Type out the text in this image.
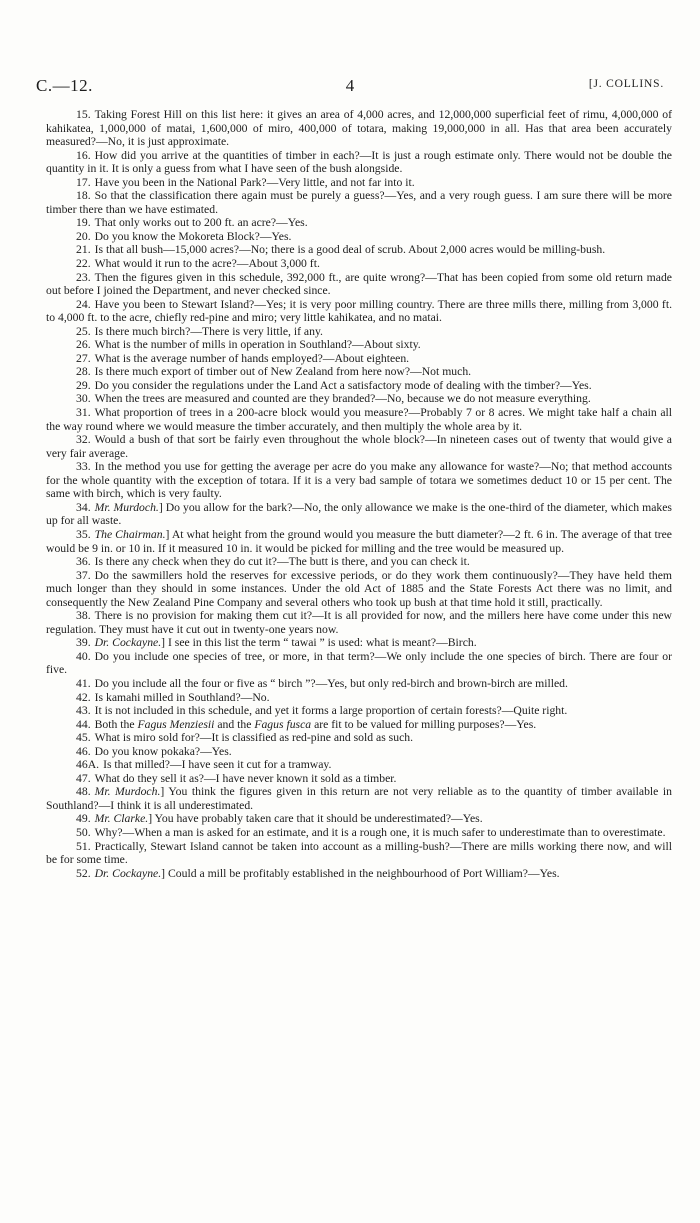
C.—12.	4	[J. COLLINS.

15. Taking Forest Hill on this list here: it gives an area of 4,000 acres, and 12,000,000 superficial feet of rimu, 4,000,000 of kahikatea, 1,000,000 of matai, 1,600,000 of miro, 400,000 of totara, making 19,000,000 in all. Has that area been accurately measured?—No, it is just approximate.

16. How did you arrive at the quantities of timber in each?—It is just a rough estimate only. There would not be double the quantity in it. It is only a guess from what I have seen of the bush alongside.

17. Have you been in the National Park?—Very little, and not far into it.

18. So that the classification there again must be purely a guess?—Yes, and a very rough guess. I am sure there will be more timber there than we have estimated.

19. That only works out to 200 ft. an acre?—Yes.

20. Do you know the Mokoreta Block?—Yes.

21. Is that all bush—15,000 acres?—No; there is a good deal of scrub. About 2,000 acres would be milling-bush.

22. What would it run to the acre?—About 3,000 ft.

23. Then the figures given in this schedule, 392,000 ft., are quite wrong?—That has been copied from some old return made out before I joined the Department, and never checked since.

24. Have you been to Stewart Island?—Yes; it is very poor milling country. There are three mills there, milling from 3,000 ft. to 4,000 ft. to the acre, chiefly red-pine and miro; very little kahikatea, and no matai.

25. Is there much birch?—There is very little, if any.

26. What is the number of mills in operation in Southland?—About sixty.

27. What is the average number of hands employed?—About eighteen.

28. Is there much export of timber out of New Zealand from here now?—Not much.

29. Do you consider the regulations under the Land Act a satisfactory mode of dealing with the timber?—Yes.

30. When the trees are measured and counted are they branded?—No, because we do not measure everything.

31. What proportion of trees in a 200-acre block would you measure?—Probably 7 or 8 acres. We might take half a chain all the way round where we would measure the timber accurately, and then multiply the whole area by it.

32. Would a bush of that sort be fairly even throughout the whole block?—In nineteen cases out of twenty that would give a very fair average.

33. In the method you use for getting the average per acre do you make any allowance for waste?—No; that method accounts for the whole quantity with the exception of totara. If it is a very bad sample of totara we sometimes deduct 10 or 15 per cent. The same with birch, which is very faulty.

34. Mr. Murdoch.] Do you allow for the bark?—No, the only allowance we make is the one-third of the diameter, which makes up for all waste.

35. The Chairman.] At what height from the ground would you measure the butt diameter?—2 ft. 6 in. The average of that tree would be 9 in. or 10 in. If it measured 10 in. it would be picked for milling and the tree would be measured up.

36. Is there any check when they do cut it?—The butt is there, and you can check it.

37. Do the sawmillers hold the reserves for excessive periods, or do they work them continuously?—They have held them much longer than they should in some instances. Under the old Act of 1885 and the State Forests Act there was no limit, and consequently the New Zealand Pine Company and several others who took up bush at that time hold it still, practically.

38. There is no provision for making them cut it?—It is all provided for now, and the millers here have come under this new regulation. They must have it cut out in twenty-one years now.

39. Dr. Cockayne.] I see in this list the term “ tawai ” is used: what is meant?—Birch.

40. Do you include one species of tree, or more, in that term?—We only include the one species of birch. There are four or five.

41. Do you include all the four or five as “ birch ”?—Yes, but only red-birch and brown-birch are milled.

42. Is kamahi milled in Southland?—No.

43. It is not included in this schedule, and yet it forms a large proportion of certain forests?—Quite right.

44. Both the Fagus Menziesii and the Fagus fusca are fit to be valued for milling purposes?—Yes.

45. What is miro sold for?—It is classified as red-pine and sold as such.

46. Do you know pokaka?—Yes.

46A. Is that milled?—I have seen it cut for a tramway.

47. What do they sell it as?—I have never known it sold as a timber.

48. Mr. Murdoch.] You think the figures given in this return are not very reliable as to the quantity of timber available in Southland?—I think it is all underestimated.

49. Mr. Clarke.] You have probably taken care that it should be underestimated?—Yes.

50. Why?—When a man is asked for an estimate, and it is a rough one, it is much safer to underestimate than to overestimate.

51. Practically, Stewart Island cannot be taken into account as a milling-bush?—There are mills working there now, and will be for some time.

52. Dr. Cockayne.] Could a mill be profitably established in the neighbourhood of Port William?—Yes.
